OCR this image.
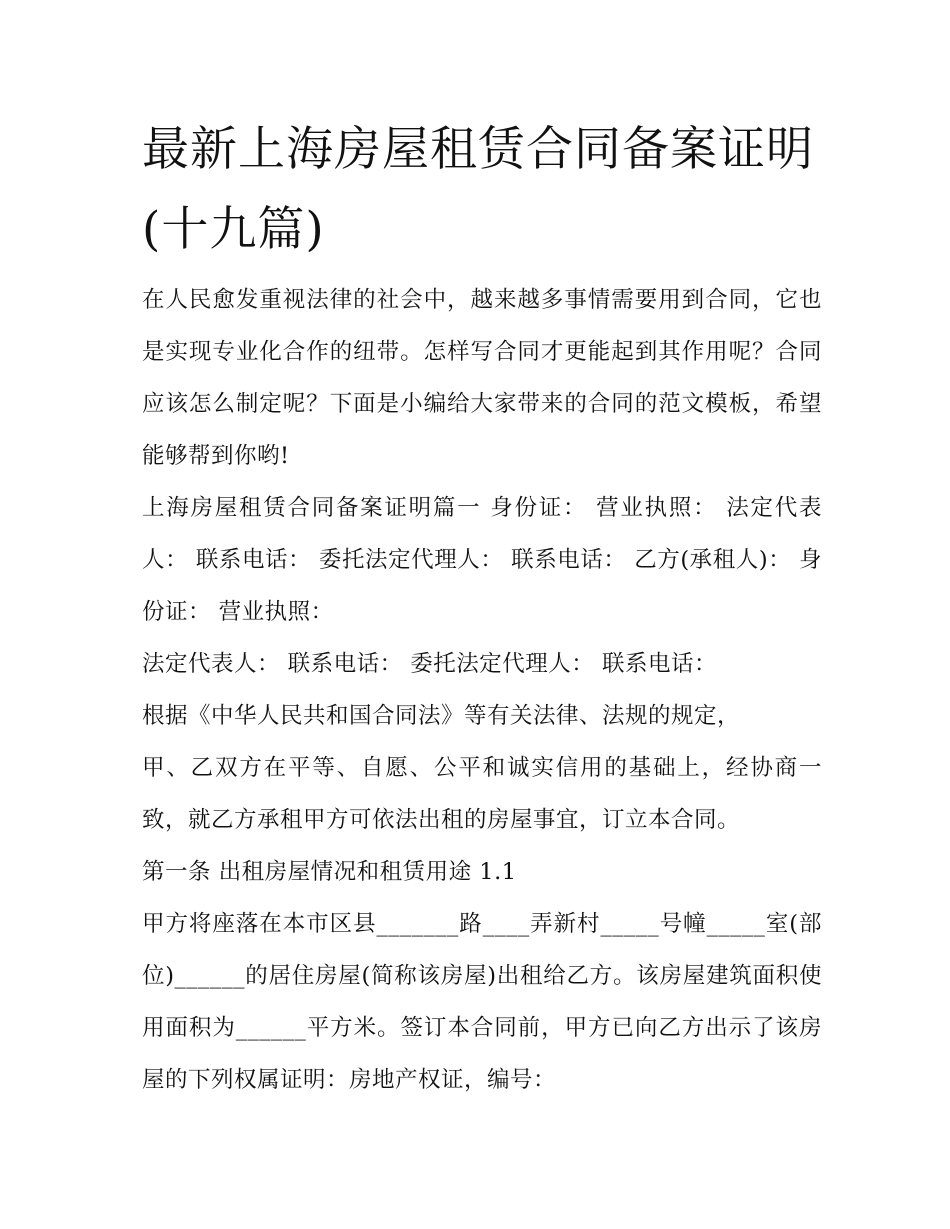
最新上海房屋租赁合同备案证明(十九篇)

在人民愈发重视法律的社会中，越来越多事情需要用到合同，它也是实现专业化合作的纽带。怎样写合同才更能起到其作用呢？合同应该怎么制定呢？下面是小编给大家带来的合同的范文模板，希望能够帮到你哟!

上海房屋租赁合同备案证明篇一 身份证： 营业执照： 法定代表人： 联系电话： 委托法定代理人： 联系电话： 乙方(承租人)： 身份证： 营业执照：

法定代表人： 联系电话： 委托法定代理人： 联系电话：

根据《中华人民共和国合同法》等有关法律、法规的规定，

甲、乙双方在平等、自愿、公平和诚实信用的基础上，经协商一致，就乙方承租甲方可依法出租的房屋事宜，订立本合同。

第一条 出租房屋情况和租赁用途 1.1

甲方将座落在本市区县_______路____弄新村_____号幢_____室(部位)______的居住房屋(简称该房屋)出租给乙方。该房屋建筑面积使用面积为______平方米。签订本合同前，甲方已向乙方出示了该房屋的下列权属证明：房地产权证，编号：
